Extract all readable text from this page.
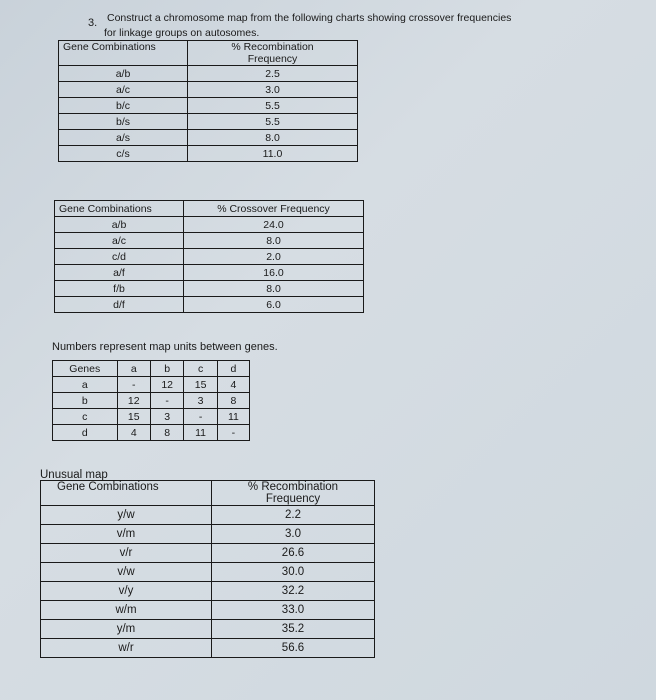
3. Construct a chromosome map from the following charts showing crossover frequencies
for linkage groups on autosomes.
Gene Combinations	% Recombination
Frequency

a/b	2.5
a/c	3.0
b/c	5.5
b/s	5.5
a/s	8.0
c/s	11.0
Gene Combinations	% Crossover Frequency
a/b	24.0
a/c	8.0
c/d	2.0
a/f	16.0
f/b	8.0
d/f	6.0
Numbers represent map units between genes.
Genes	a	b	c	d
a	-	12	15	4
b	12	-	3	8
c	15	3	-	11
d	4	8	11	-
Unusual map
Gene Combinations	% Recombination
Frequency

y/w	2.2
v/m	3.0
v/r	26.6
v/w	30.0
v/y	32.2
w/m	33.0
y/m	35.2
w/r	56.6
